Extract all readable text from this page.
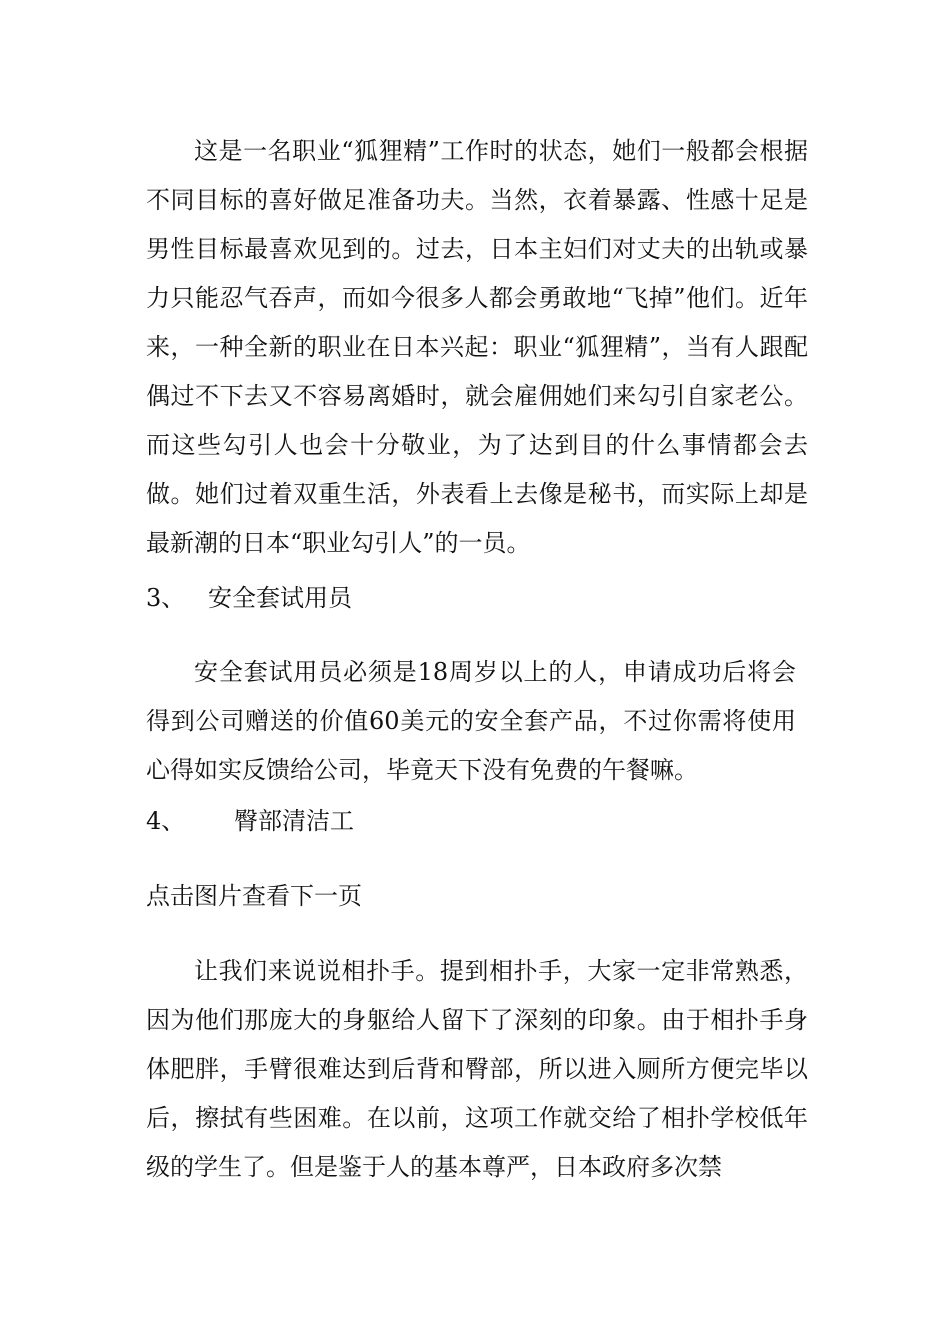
这是一名职业“狐狸精”工作时的状态，她们一般都会根据不同目标的喜好做足准备功夫。当然，衣着暴露、性感十足是男性目标最喜欢见到的。过去，日本主妇们对丈夫的出轨或暴力只能忍气吞声，而如今很多人都会勇敢地“飞掉”他们。近年来，一种全新的职业在日本兴起：职业“狐狸精”，当有人跟配偶过不下去又不容易离婚时，就会雇佣她们来勾引自家老公。而这些勾引人也会十分敬业，为了达到目的什么事情都会去做。她们过着双重生活，外表看上去像是秘书，而实际上却是最新潮的日本“职业勾引人”的一员。

3、 安全套试用员

安全套试用员必须是18周岁以上的人，申请成功后将会得到公司赠送的价值60美元的安全套产品，不过你需将使用心得如实反馈给公司，毕竟天下没有免费的午餐嘛。

4、 臀部清洁工
点击图片查看下一页

让我们来说说相扑手。提到相扑手，大家一定非常熟悉，因为他们那庞大的身躯给人留下了深刻的印象。由于相扑手身体肥胖，手臂很难达到后背和臀部，所以进入厕所方便完毕以后，擦拭有些困难。在以前，这项工作就交给了相扑学校低年级的学生了。但是鉴于人的基本尊严，日本政府多次禁
